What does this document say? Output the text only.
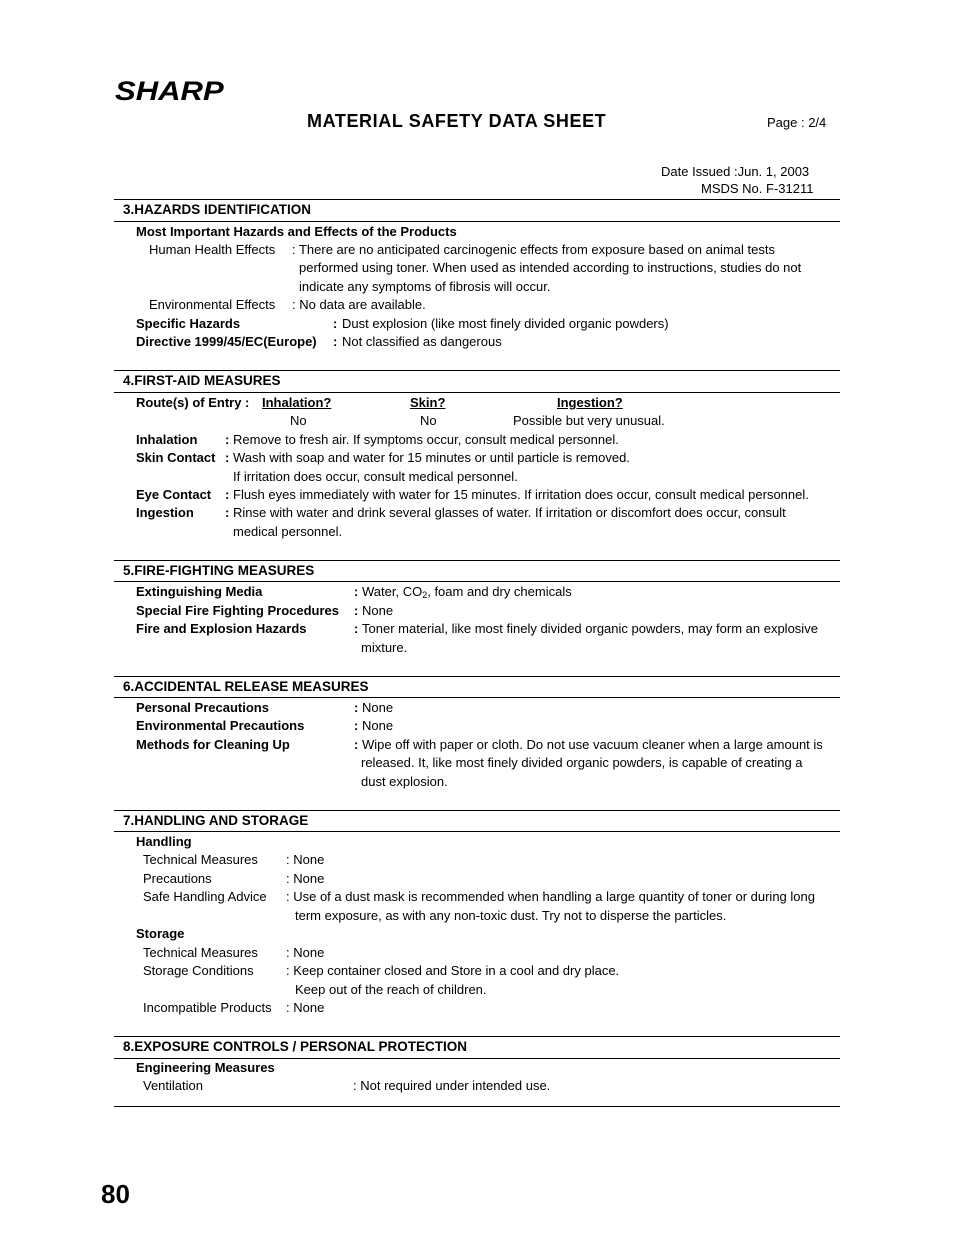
SHARP
MATERIAL SAFETY DATA SHEET	Page : 2/4
Date Issued :Jun. 1, 2003
MSDS No. F-31211
3.HAZARDS IDENTIFICATION
Most Important Hazards and Effects of the Products
Human Health Effects : There are no anticipated carcinogenic effects from exposure based on animal tests
performed using toner. When used as intended according to instructions, studies do not
indicate any symptoms of fibrosis will occur.
Environmental Effects : No data are available.
Specific Hazards	: Dust explosion (like most finely divided organic powders)
Directive 1999/45/EC(Europe) : Not classified as dangerous
4.FIRST-AID MEASURES
Route(s) of Entry : Inhalation?	Skin?	Ingestion?
No	No	Possible but very unusual.
Inhalation : Remove to fresh air. If symptoms occur, consult medical personnel.
Skin Contact : Wash with soap and water for 15 minutes or until particle is removed.
If irritation does occur, consult medical personnel.
Eye Contact : Flush eyes immediately with water for 15 minutes. If irritation does occur, consult medical personnel.
Ingestion : Rinse with water and drink several glasses of water. If irritation or discomfort does occur, consult
medical personnel.
5.FIRE-FIGHTING MEASURES
Extinguishing Media	: Water, $CO_2$, foam and dry chemicals
Special Fire Fighting Procedures : None
Fire and Explosion Hazards	: Toner material, like most finely divided organic powders, may form an explosive
mixture.
6.ACCIDENTAL RELEASE MEASURES
Personal Precautions	: None
Environmental Precautions	: None
Methods for Cleaning Up	: Wipe off with paper or cloth. Do not use vacuum cleaner when a large amount is
released. It, like most finely divided organic powders, is capable of creating a
dust explosion.
7.HANDLING AND STORAGE
Handling
Technical Measures : None
Precautions	: None
Safe Handling Advice : Use of a dust mask is recommended when handling a large quantity of toner or during long
term exposure, as with any non-toxic dust. Try not to disperse the particles.
Storage
Technical Measures : None
Storage Conditions : Keep container closed and Store in a cool and dry place.
Keep out of the reach of children.
Incompatible Products : None
8.EXPOSURE CONTROLS / PERSONAL PROTECTION
Engineering Measures
Ventilation	: Not required under intended use.
80
